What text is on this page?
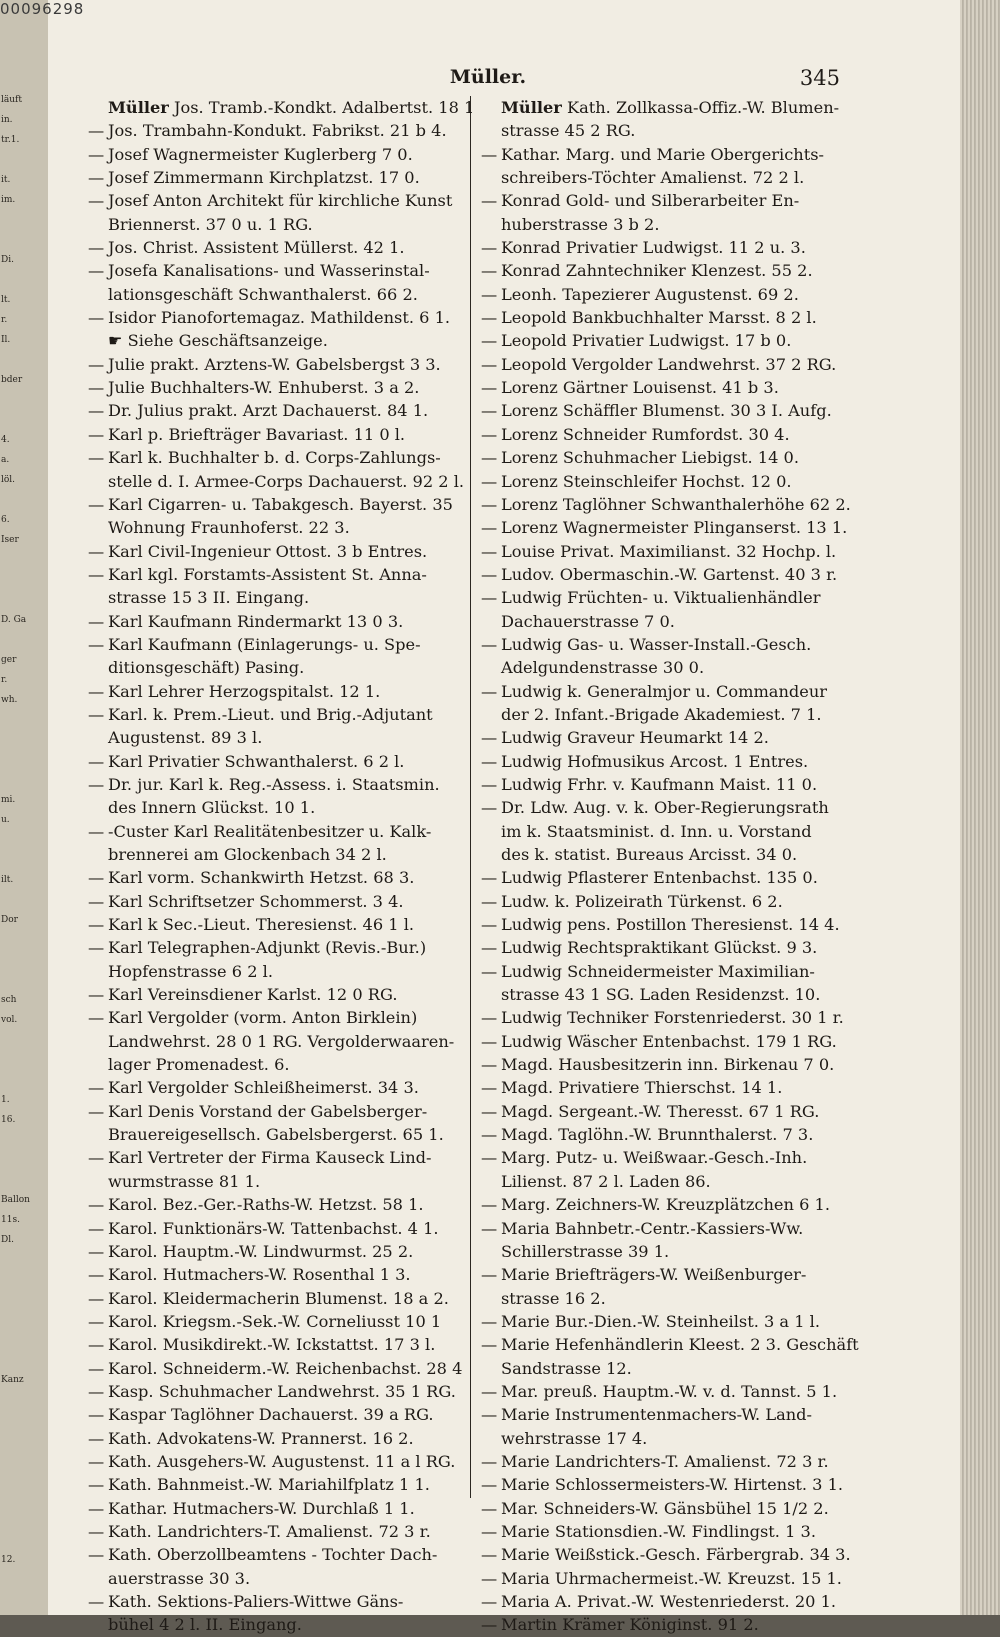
läuft
in.
tr.1.
it.
im.
Di.
lt.
r.
Il.
bder
4.
a.
löl.
6.
Iser
D. Ga
ger
r.
wh.
mi.
u.
ilt.
Dor
sch
vol.
1.
16.
Ballon
11s.
Dl.
Kanz
12.
00096298
Müller.	345
Müller Jos. Tramb.-Kondkt. Adalbertst. 18 1
— Jos. Trambahn-Kondukt. Fabrikst. 21 b 4.
— Josef Wagnermeister Kuglerberg 7 0.
— Josef Zimmermann Kirchplatzst. 17 0.
— Josef Anton Architekt für kirchliche Kunst
Briennerst. 37 0 u. 1 RG.
— Jos. Christ. Assistent Müllerst. 42 1.
— Josefa Kanalisations- und Wasserinstal-
lationsgeschäft Schwanthalerst. 66 2.
— Isidor Pianofortemagaz. Mathildenst. 6 1.
☛ Siehe Geschäftsanzeige.
— Julie prakt. Arztens-W. Gabelsbergst 3 3.
— Julie Buchhalters-W. Enhuberst. 3 a 2.
— Dr. Julius prakt. Arzt Dachauerst. 84 1.
— Karl p. Briefträger Bavariast. 11 0 l.
— Karl k. Buchhalter b. d. Corps-Zahlungs-
stelle d. I. Armee-Corps Dachauerst. 92 2 l.
— Karl Cigarren- u. Tabakgesch. Bayerst. 35
Wohnung Fraunhoferst. 22 3.
— Karl Civil-Ingenieur Ottost. 3 b Entres.
— Karl kgl. Forstamts-Assistent St. Anna-
strasse 15 3 II. Eingang.
— Karl Kaufmann Rindermarkt 13 0 3.
— Karl Kaufmann (Einlagerungs- u. Spe-
ditionsgeschäft) Pasing.
— Karl Lehrer Herzogspitalst. 12 1.
— Karl. k. Prem.-Lieut. und Brig.-Adjutant
Augustenst. 89 3 l.
— Karl Privatier Schwanthalerst. 6 2 l.
— Dr. jur. Karl k. Reg.-Assess. i. Staatsmin.
des Innern Glückst. 10 1.
— -Custer Karl Realitätenbesitzer u. Kalk-
brennerei am Glockenbach 34 2 l.
— Karl vorm. Schankwirth Hetzst. 68 3.
— Karl Schriftsetzer Schommerst. 3 4.
— Karl k Sec.-Lieut. Theresienst. 46 1 l.
— Karl Telegraphen-Adjunkt (Revis.-Bur.)
Hopfenstrasse 6 2 l.
— Karl Vereinsdiener Karlst. 12 0 RG.
— Karl Vergolder (vorm. Anton Birklein)
Landwehrst. 28 0 1 RG. Vergolderwaaren-
lager Promenadest. 6.
— Karl Vergolder Schleißheimerst. 34 3.
— Karl Denis Vorstand der Gabelsberger-
Brauereigesellsch. Gabelsbergerst. 65 1.
— Karl Vertreter der Firma Kauseck Lind-
wurmstrasse 81 1.
— Karol. Bez.-Ger.-Raths-W. Hetzst. 58 1.
— Karol. Funktionärs-W. Tattenbachst. 4 1.
— Karol. Hauptm.-W. Lindwurmst. 25 2.
— Karol. Hutmachers-W. Rosenthal 1 3.
— Karol. Kleidermacherin Blumenst. 18 a 2.
— Karol. Kriegsm.-Sek.-W. Corneliusst 10 1
— Karol. Musikdirekt.-W. Ickstattst. 17 3 l.
— Karol. Schneiderm.-W. Reichenbachst. 28 4
— Kasp. Schuhmacher Landwehrst. 35 1 RG.
— Kaspar Taglöhner Dachauerst. 39 a RG.
— Kath. Advokatens-W. Prannerst. 16 2.
— Kath. Ausgehers-W. Augustenst. 11 a l RG.
— Kath. Bahnmeist.-W. Mariahilfplatz 1 1.
— Kathar. Hutmachers-W. Durchlaß 1 1.
— Kath. Landrichters-T. Amalienst. 72 3 r.
— Kath. Oberzollbeamtens - Tochter Dach-
auerstrasse 30 3.
— Kath. Sektions-Paliers-Wittwe Gäns-
bühel 4 2 l. II. Eingang.
Müller Kath. Zollkassa-Offiz.-W. Blumen-
strasse 45 2 RG.
— Kathar. Marg. und Marie Obergerichts-
schreibers-Töchter Amalienst. 72 2 l.
— Konrad Gold- und Silberarbeiter En-
huberstrasse 3 b 2.
— Konrad Privatier Ludwigst. 11 2 u. 3.
— Konrad Zahntechniker Klenzest. 55 2.
— Leonh. Tapezierer Augustenst. 69 2.
— Leopold Bankbuchhalter Marsst. 8 2 l.
— Leopold Privatier Ludwigst. 17 b 0.
— Leopold Vergolder Landwehrst. 37 2 RG.
— Lorenz Gärtner Louisenst. 41 b 3.
— Lorenz Schäffler Blumenst. 30 3 I. Aufg.
— Lorenz Schneider Rumfordst. 30 4.
— Lorenz Schuhmacher Liebigst. 14 0.
— Lorenz Steinschleifer Hochst. 12 0.
— Lorenz Taglöhner Schwanthalerhöhe 62 2.
— Lorenz Wagnermeister Plinganserst. 13 1.
— Louise Privat. Maximilianst. 32 Hochp. l.
— Ludov. Obermaschin.-W. Gartenst. 40 3 r.
— Ludwig Früchten- u. Viktualienhändler
Dachauerstrasse 7 0.
— Ludwig Gas- u. Wasser-Install.-Gesch.
Adelgundenstrasse 30 0.
— Ludwig k. Generalmjor u. Commandeur
der 2. Infant.-Brigade Akademiest. 7 1.
— Ludwig Graveur Heumarkt 14 2.
— Ludwig Hofmusikus Arcost. 1 Entres.
— Ludwig Frhr. v. Kaufmann Maist. 11 0.
— Dr. Ldw. Aug. v. k. Ober-Regierungsrath
im k. Staatsminist. d. Inn. u. Vorstand
des k. statist. Bureaus Arcisst. 34 0.
— Ludwig Pflasterer Entenbachst. 135 0.
— Ludw. k. Polizeirath Türkenst. 6 2.
— Ludwig pens. Postillon Theresienst. 14 4.
— Ludwig Rechtspraktikant Glückst. 9 3.
— Ludwig Schneidermeister Maximilian-
strasse 43 1 SG. Laden Residenzst. 10.
— Ludwig Techniker Forstenriederst. 30 1 r.
— Ludwig Wäscher Entenbachst. 179 1 RG.
— Magd. Hausbesitzerin inn. Birkenau 7 0.
— Magd. Privatiere Thierschst. 14 1.
— Magd. Sergeant.-W. Theresst. 67 1 RG.
— Magd. Taglöhn.-W. Brunnthalerst. 7 3.
— Marg. Putz- u. Weißwaar.-Gesch.-Inh.
Lilienst. 87 2 l. Laden 86.
— Marg. Zeichners-W. Kreuzplätzchen 6 1.
— Maria Bahnbetr.-Centr.-Kassiers-Ww.
Schillerstrasse 39 1.
— Marie Briefträgers-W. Weißenburger-
strasse 16 2.
— Marie Bur.-Dien.-W. Steinheilst. 3 a 1 l.
— Marie Hefenhändlerin Kleest. 2 3. Geschäft
Sandstrasse 12.
— Mar. preuß. Hauptm.-W. v. d. Tannst. 5 1.
— Marie Instrumentenmachers-W. Land-
wehrstrasse 17 4.
— Marie Landrichters-T. Amalienst. 72 3 r.
— Marie Schlossermeisters-W. Hirtenst. 3 1.
— Mar. Schneiders-W. Gänsbühel 15 1/2 2.
— Marie Stationsdien.-W. Findlingst. 1 3.
— Marie Weißstick.-Gesch. Färbergrab. 34 3.
— Maria Uhrmachermeist.-W. Kreuzst. 15 1.
— Maria A. Privat.-W. Westenriederst. 20 1.
— Martin Krämer Königinst. 91 2.
